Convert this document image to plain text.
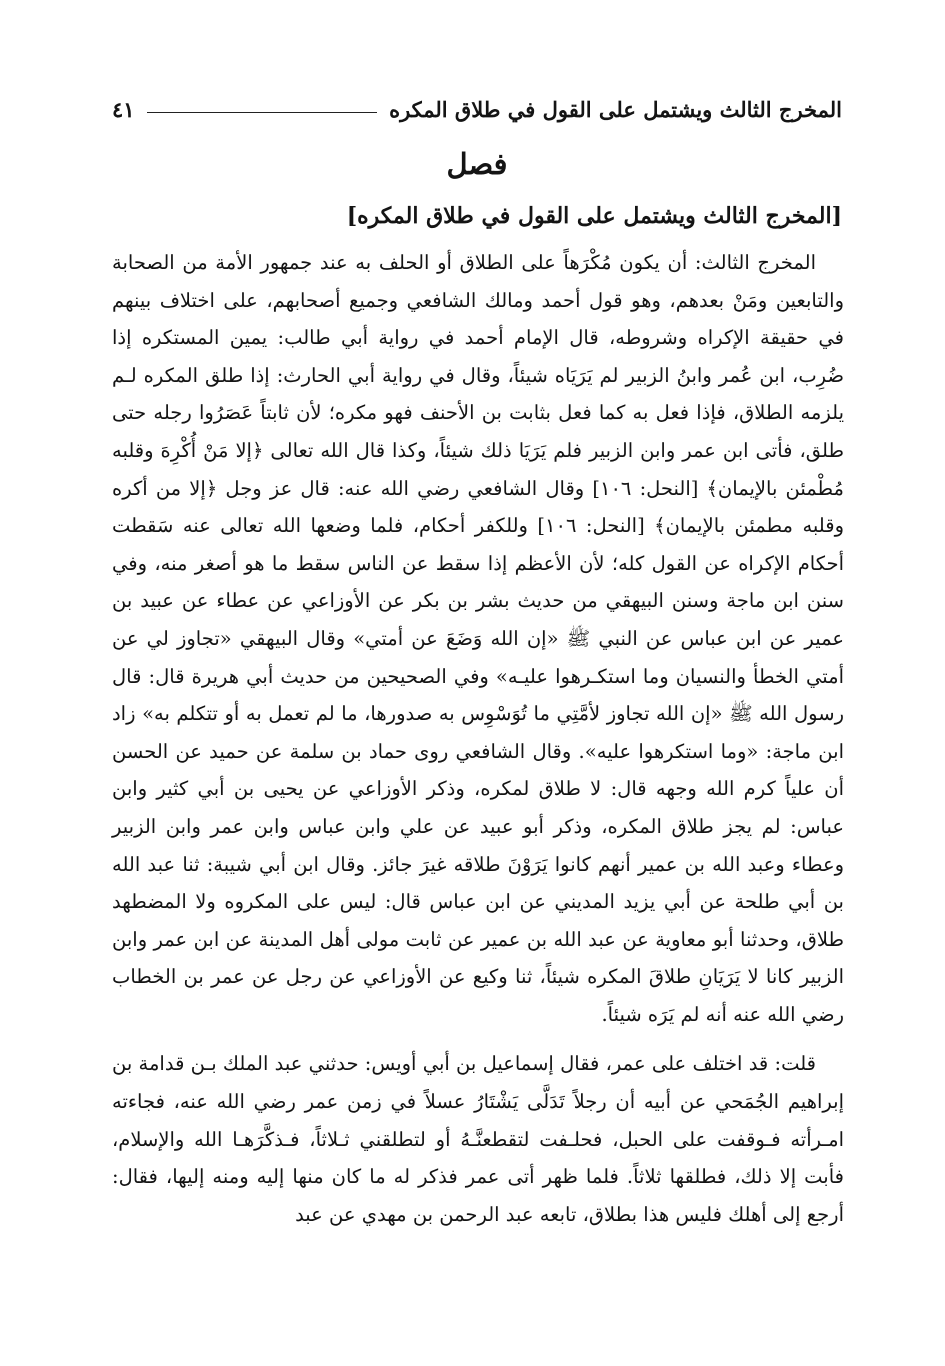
المخرج الثالث ويشتمل على القول في طلاق المكره
٤١
فصل
[المخرج الثالث ويشتمل على القول في طلاق المكره]

المخرج الثالث: أن يكون مُكْرَهاً على الطلاق أو الحلف به عند جمهور الأمة من الصحابة والتابعين ومَنْ بعدهم، وهو قول أحمد ومالك الشافعي وجميع أصحابهم، على اختلاف بينهم في حقيقة الإكراه وشروطه، قال الإمام أحمد في رواية أبي طالب: يمين المستكره إذا ضُرِب، ابن عُمر وابنُ الزبير لم يَرَيَاه شيئاً، وقال في رواية أبي الحارث: إذا طلق المكره لـم يلزمه الطلاق، فإذا فعل به كما فعل بثابت بن الأحنف فهو مكره؛ لأن ثابتاً عَصَرُوا رجله حتى طلق، فأتى ابن عمر وابن الزبير فلم يَرَيَا ذلك شيئاً، وكذا قال الله تعالى ﴿إلا مَنْ أُكْرِهَ وقلبه مُطْمئن بالإيمان﴾ [النحل: ١٠٦] وقال الشافعي رضي الله عنه: قال عز وجل ﴿إلا من أكره وقلبه مطمئن بالإيمان﴾ [النحل: ١٠٦] وللكفر أحكام، فلما وضعها الله تعالى عنه سَقطت أحكام الإكراه عن القول كله؛ لأن الأعظم إذا سقط عن الناس سقط ما هو أصغر منه، وفي سنن ابن ماجة وسنن البيهقي من حديث بشر بن بكر عن الأوزاعي عن عطاء عن عبيد بن عمير عن ابن عباس عن النبي ﷺ «إن الله وَضَعَ عن أمتي» وقال البيهقي «تجاوز لي عن أمتي الخطأ والنسيان وما استكـرهوا عليـه» وفي الصحيحين من حديث أبي هريرة قال: قال رسول الله ﷺ «إن الله تجاوز لأمَّتِي ما تُوَسْوِس به صدورها، ما لم تعمل به أو تتكلم به» زاد ابن ماجة: «وما استكرهوا عليه». وقال الشافعي روى حماد بن سلمة عن حميد عن الحسن أن علياً كرم الله وجهه قال: لا طلاق لمكره، وذكر الأوزاعي عن يحيى بن أبي كثير وابن عباس: لم يجز طلاق المكره، وذكر أبو عبيد عن علي وابن عباس وابن عمر وابن الزبير وعطاء وعبد الله بن عمير أنهم كانوا يَرَوْنَ طلاقه غيرَ جائز. وقال ابن أبي شيبة: ثنا عبد الله بن أبي طلحة عن أبي يزيد المديني عن ابن عباس قال: ليس على المكروه ولا المضطهد طلاق، وحدثنا أبو معاوية عن عبد الله بن عمير عن ثابت مولى أهل المدينة عن ابن عمر وابن الزبير كانا لا يَرَيَانِ طلاقَ المكره شيئاً، ثنا وكيع عن الأوزاعي عن رجل عن عمر بن الخطاب رضي الله عنه أنه لم يَرَه شيئاً.

قلت: قد اختلف على عمر، فقال إسماعيل بن أبي أويس: حدثني عبد الملك بـن قدامة بن إبراهيم الجُمَحي عن أبيه أن رجلاً تَدَلَّى يَشْتَارُ عسلاً في زمن عمر رضي الله عنه، فجاءته امـرأته فـوقفت على الحبل، فحلـفت لتقطعنَّـهُ أو لتطلقني ثـلاثاً، فـذكَّرَهـا الله والإسلام، فأبت إلا ذلك، فطلقها ثلاثاً. فلما ظهر أتى عمر فذكر له ما كان منها إليه ومنه إليها، فقال: أرجع إلى أهلك فليس هذا بطلاق، تابعه عبد الرحمن بن مهدي عن عبد
